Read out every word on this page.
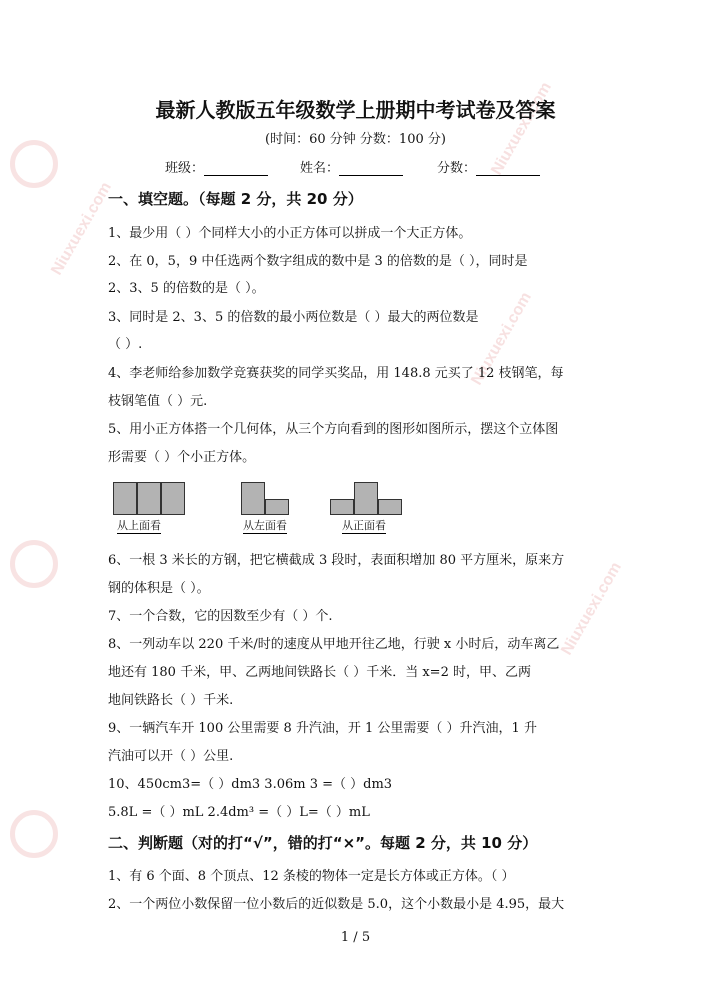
Niuxuexi.com
Niuxuexi.com
Niuxuexi.com
Niuxuexi.com
最新人教版五年级数学上册期中考试卷及答案
(时间：60 分钟 分数：100 分)
班级：	姓名：	分数：
一、填空题。（每题 2 分，共 20 分）
1、最少用（ ）个同样大小的小正方体可以拼成一个大正方体。
2、在 0，5，9 中任选两个数字组成的数中是 3 的倍数的是（ ），同时是
2、3、5 的倍数的是（ ）。
3、同时是 2、3、5 的倍数的最小两位数是（ ）最大的两位数是
（ ）.
4、李老师给参加数学竞赛获奖的同学买奖品，用 148.8 元买了 12 枝钢笔，每
枝钢笔值（ ）元.
5、用小正方体搭一个几何体，从三个方向看到的图形如图所示，摆这个立体图
形需要（ ）个小正方体。
从上面看	从左面看	从正面看
6、一根 3 米长的方钢，把它横截成 3 段时，表面积增加 80 平方厘米，原来方
钢的体积是（ ）。
7、一个合数，它的因数至少有（ ）个.
8、一列动车以 220 千米/时的速度从甲地开往乙地，行驶 x 小时后，动车离乙
地还有 180 千米，甲、乙两地间铁路长（ ）千米．当 x=2 时，甲、乙两
地间铁路长（ ）千米.
9、一辆汽车开 100 公里需要 8 升汽油，开 1 公里需要（ ）升汽油，1 升
汽油可以开（ ）公里.
10、450cm3=（ ）dm3 3.06m 3 =（ ）dm3
5.8L =（ ）mL 2.4dm³ =（ ）L=（ ）mL
二、判断题（对的打“√”，错的打“×”。每题 2 分，共 10 分）
1、有 6 个面、8 个顶点、12 条棱的物体一定是长方体或正方体。（ ）
2、一个两位小数保留一位小数后的近似数是 5.0，这个小数最小是 4.95，最大
1 / 5
